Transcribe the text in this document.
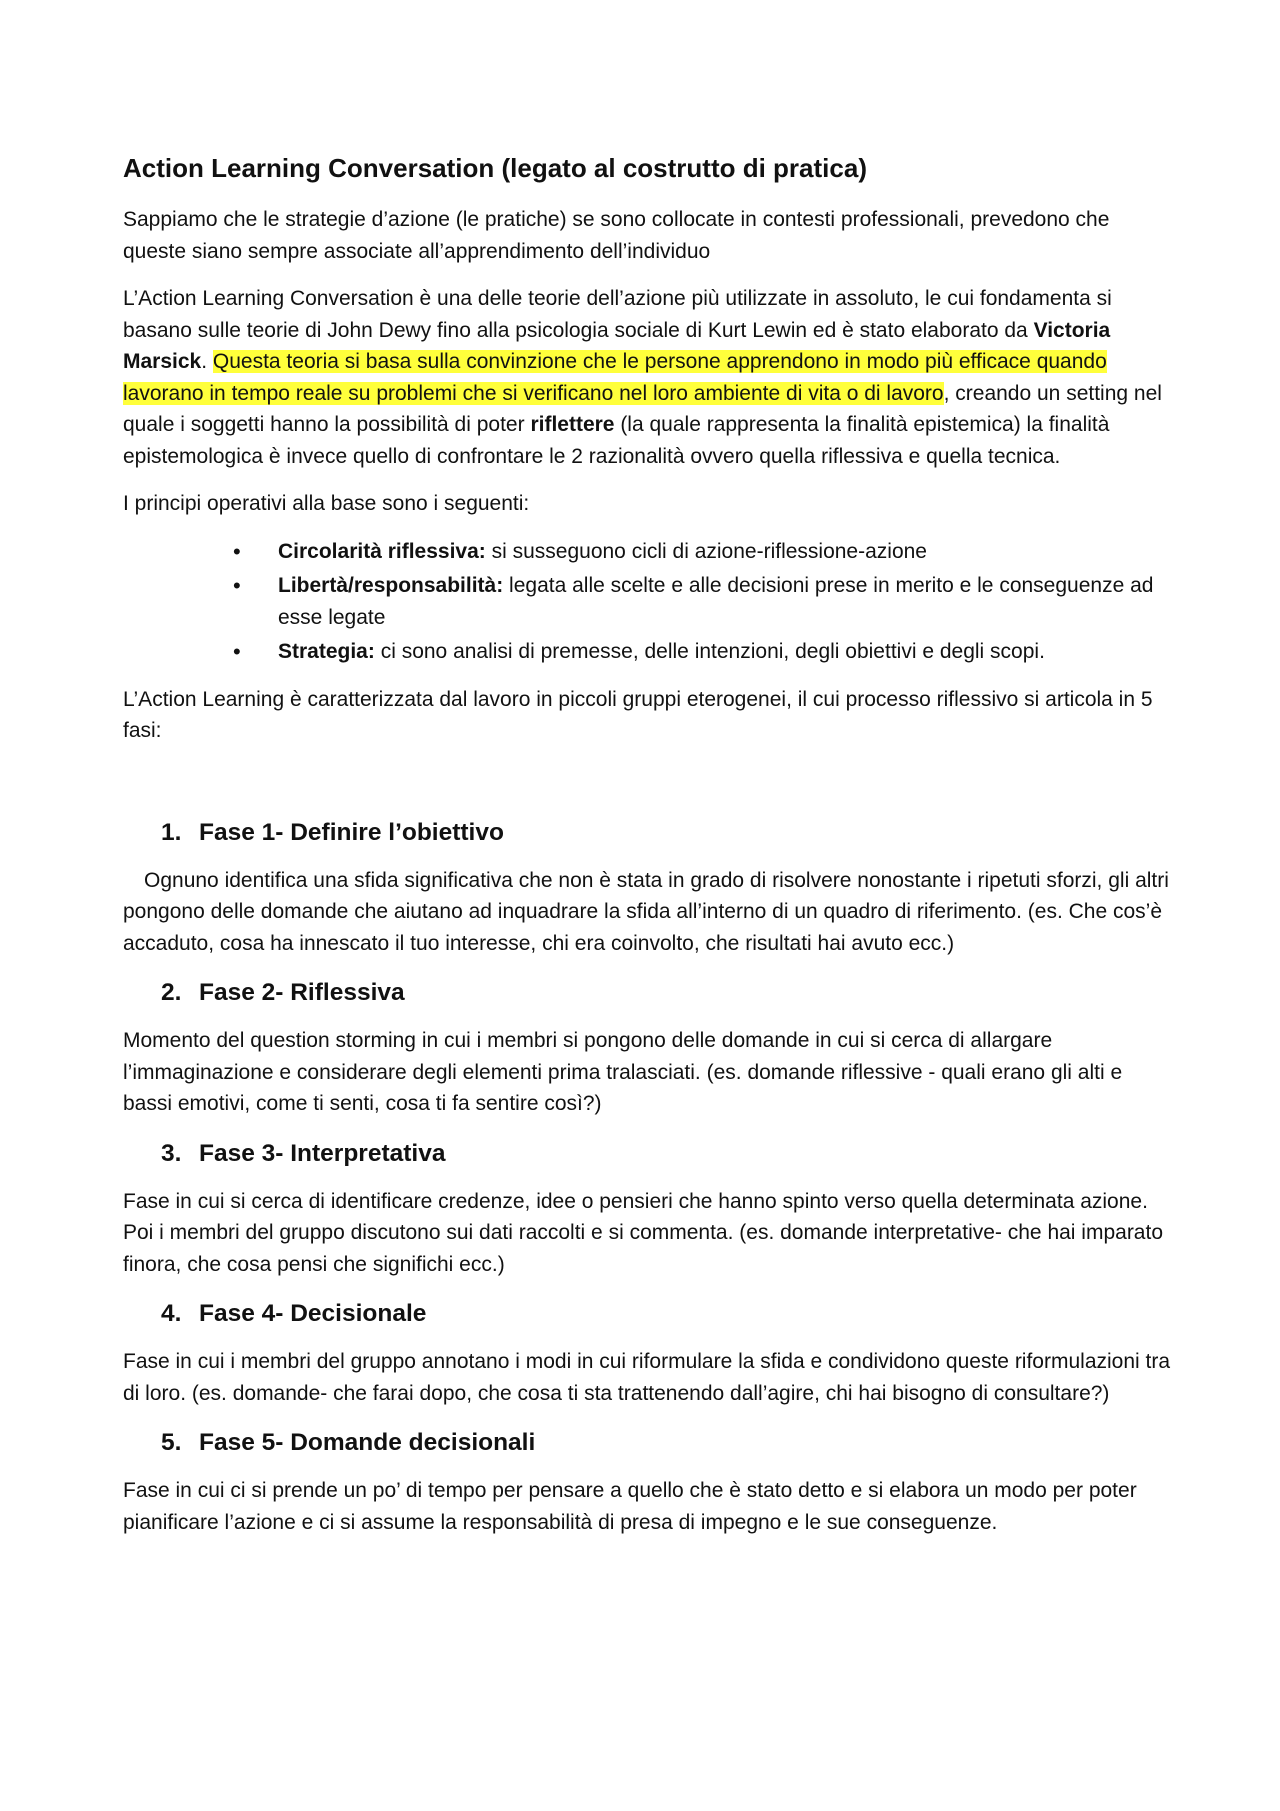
Action Learning Conversation (legato al costrutto di pratica)

Sappiamo che le strategie d’azione (le pratiche) se sono collocate in contesti professionali, prevedono che queste siano sempre associate all’apprendimento dell’individuo

L’Action Learning Conversation è una delle teorie dell’azione più utilizzate in assoluto, le cui fondamenta si basano sulle teorie di John Dewy fino alla psicologia sociale di Kurt Lewin ed è stato elaborato da Victoria Marsick. Questa teoria si basa sulla convinzione che le persone apprendono in modo più efficace quando lavorano in tempo reale su problemi che si verificano nel loro ambiente di vita o di lavoro, creando un setting nel quale i soggetti hanno la possibilità di poter riflettere (la quale rappresenta la finalità epistemica) la finalità epistemologica è invece quello di confrontare le 2 razionalità ovvero quella riflessiva e quella tecnica.

I principi operativi alla base sono i seguenti:

•	Circolarità riflessiva: si susseguono cicli di azione-riflessione-azione
•	Libertà/responsabilità: legata alle scelte e alle decisioni prese in merito e le conseguenze ad esse legate
•	Strategia: ci sono analisi di premesse, delle intenzioni, degli obiettivi e degli scopi.

L’Action Learning è caratterizzata dal lavoro in piccoli gruppi eterogenei, il cui processo riflessivo si articola in 5 fasi:

1. Fase 1- Definire l’obiettivo

Ognuno identifica una sfida significativa che non è stata in grado di risolvere nonostante i ripetuti sforzi, gli altri pongono delle domande che aiutano ad inquadrare la sfida all’interno di un quadro di riferimento. (es. Che cos’è accaduto, cosa ha innescato il tuo interesse, chi era coinvolto, che risultati hai avuto ecc.)

2. Fase 2- Riflessiva

Momento del question storming in cui i membri si pongono delle domande in cui si cerca di allargare l’immaginazione e considerare degli elementi prima tralasciati. (es. domande riflessive - quali erano gli alti e bassi emotivi, come ti senti, cosa ti fa sentire così?)

3. Fase 3- Interpretativa

Fase in cui si cerca di identificare credenze, idee o pensieri che hanno spinto verso quella determinata azione. Poi i membri del gruppo discutono sui dati raccolti e si commenta. (es. domande interpretative- che hai imparato finora, che cosa pensi che significhi ecc.)

4. Fase 4- Decisionale

Fase in cui i membri del gruppo annotano i modi in cui riformulare la sfida e condividono queste riformulazioni tra di loro. (es. domande- che farai dopo, che cosa ti sta trattenendo dall’agire, chi hai bisogno di consultare?)

5. Fase 5- Domande decisionali

Fase in cui ci si prende un po’ di tempo per pensare a quello che è stato detto e si elabora un modo per poter pianificare l’azione e ci si assume la responsabilità di presa di impegno e le sue conseguenze.
